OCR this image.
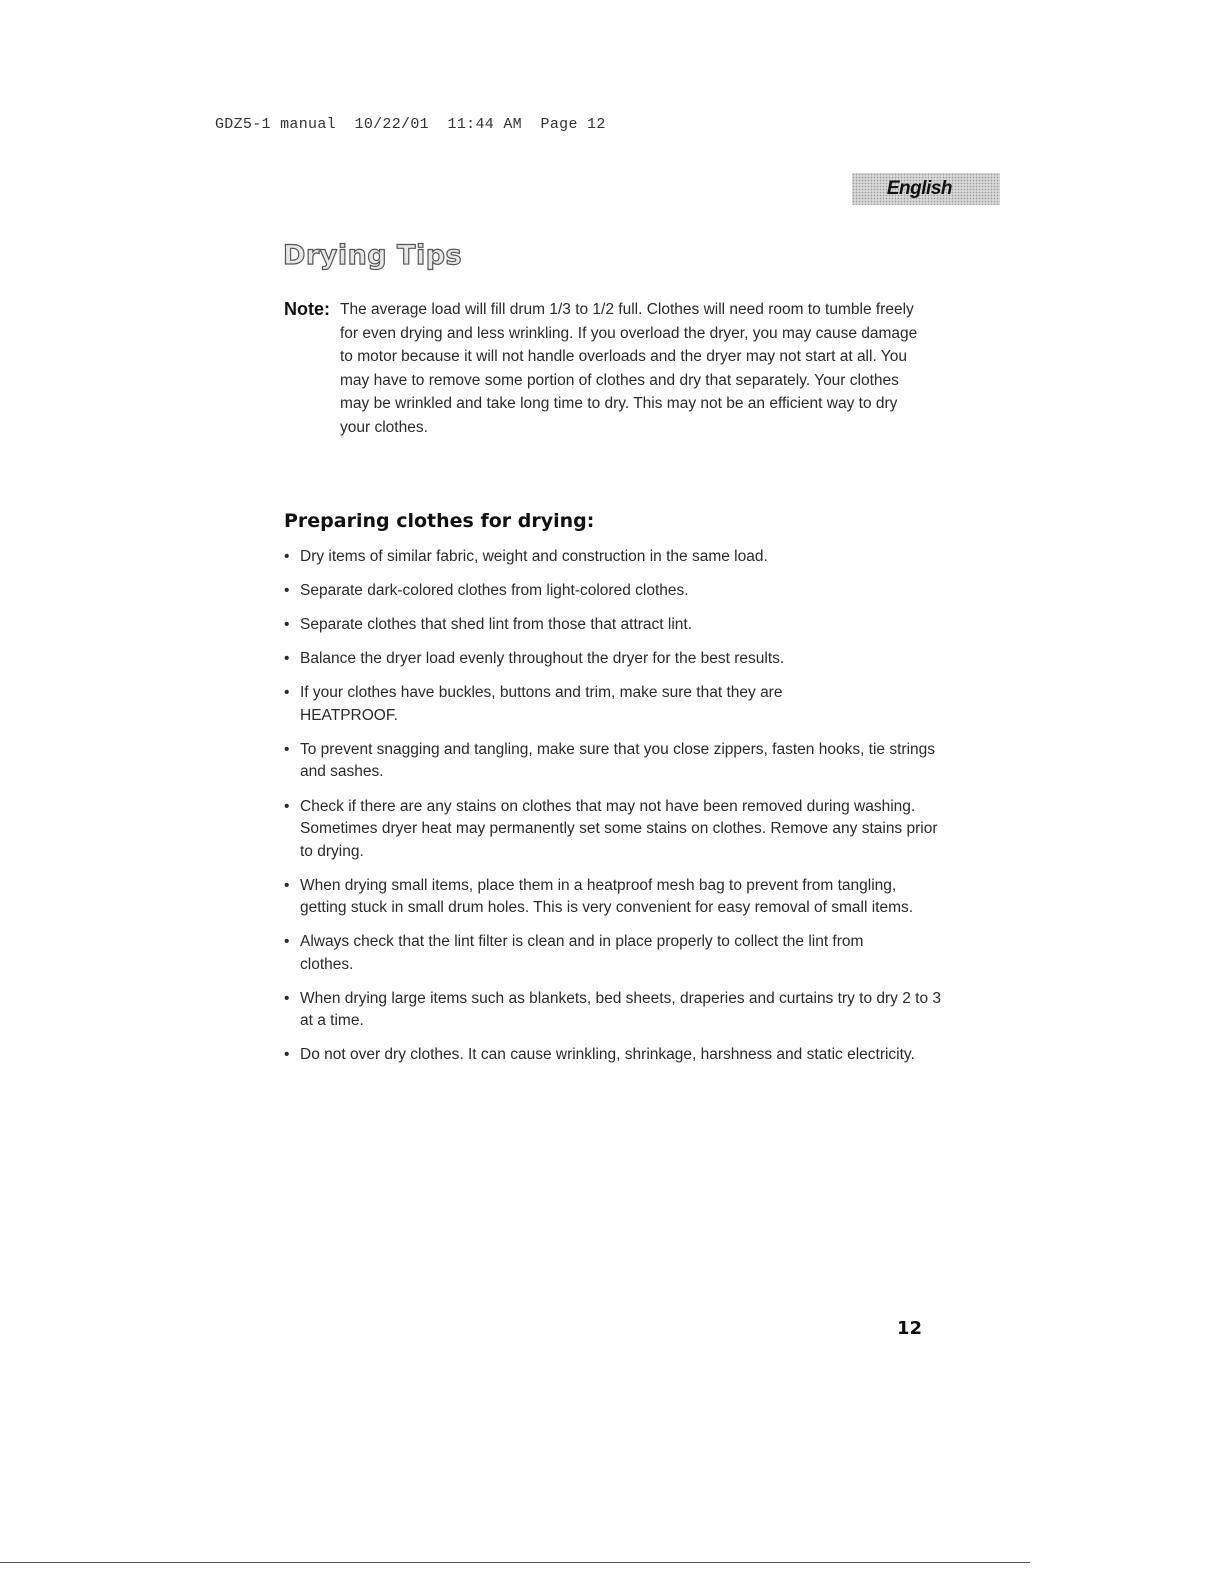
GDZ5-1 manual  10/22/01  11:44 AM  Page 12
English
Drying Tips
Note: The average load will fill drum 1/3 to 1/2 full. Clothes will need room to tumble freely for even drying and less wrinkling. If you overload the dryer, you may cause damage to motor because it will not handle overloads and the dryer may not start at all. You may have to remove some portion of clothes and dry that separately. Your clothes may be wrinkled and take long time to dry. This may not be an efficient way to dry your clothes.
Preparing clothes for drying:
• Dry items of similar fabric, weight and construction in the same load.
• Separate dark-colored clothes from light-colored clothes.
• Separate clothes that shed lint from those that attract lint.
• Balance the dryer load evenly throughout the dryer for the best results.
• If your clothes have buckles, buttons and trim, make sure that they are HEATPROOF.
• To prevent snagging and tangling, make sure that you close zippers, fasten hooks, tie strings and sashes.
• Check if there are any stains on clothes that may not have been removed during washing. Sometimes dryer heat may permanently set some stains on clothes. Remove any stains prior to drying.
• When drying small items, place them in a heatproof mesh bag to prevent from tangling, getting stuck in small drum holes. This is very convenient for easy removal of small items.
• Always check that the lint filter is clean and in place properly to collect the lint from clothes.
• When drying large items such as blankets, bed sheets, draperies and curtains try to dry 2 to 3 at a time.
• Do not over dry clothes. It can cause wrinkling, shrinkage, harshness and static electricity.
12
